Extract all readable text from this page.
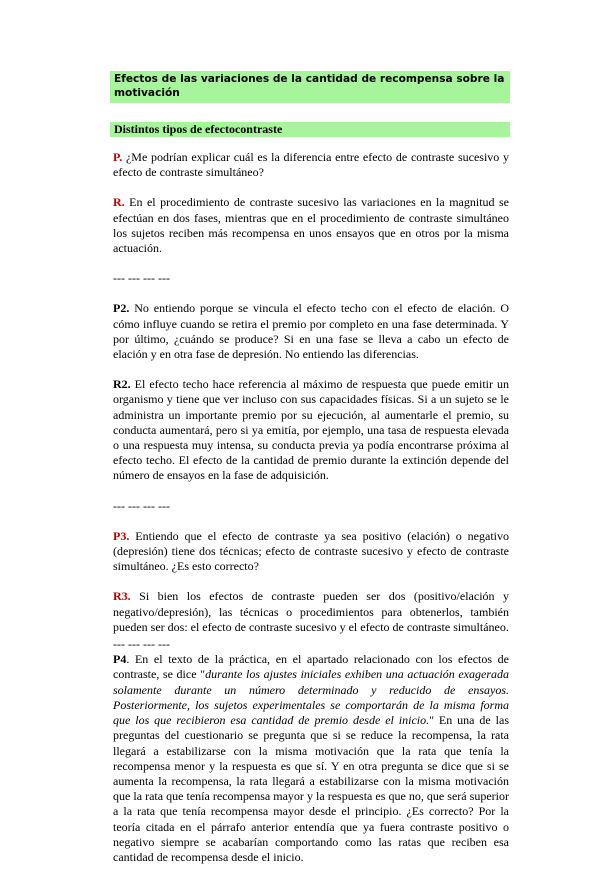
Efectos de las variaciones de la cantidad de recompensa sobre la motivación
Distintos tipos de efectocontraste

P. ¿Me podrían explicar cuál es la diferencia entre efecto de contraste sucesivo y efecto de contraste simultáneo?

R. En el procedimiento de contraste sucesivo las variaciones en la magnitud se efectúan en dos fases, mientras que en el procedimiento de contraste simultáneo los sujetos reciben más recompensa en unos ensayos que en otros por la misma actuación.

--- --- --- ---

P2. No entiendo porque se vincula el efecto techo con el efecto de elación. O cómo influye cuando se retira el premio por completo en una fase determinada. Y por último, ¿cuándo se produce? Si en una fase se lleva a cabo un efecto de elación y en otra fase de depresión. No entiendo las diferencias.

R2. El efecto techo hace referencia al máximo de respuesta que puede emitir un organismo y tiene que ver incluso con sus capacidades físicas. Si a un sujeto se le administra un importante premio por su ejecución, al aumentarle el premio, su conducta aumentará, pero si ya emitía, por ejemplo, una tasa de respuesta elevada o una respuesta muy intensa, su conducta previa ya podía encontrarse próxima al efecto techo. El efecto de la cantidad de premio durante la extinción depende del número de ensayos en la fase de adquisición.

--- --- --- ---

P3. Entiendo que el efecto de contraste ya sea positivo (elación) o negativo (depresión) tiene dos técnicas; efecto de contraste sucesivo y efecto de contraste simultáneo. ¿Es esto correcto?

R3. Si bien los efectos de contraste pueden ser dos (positivo/elación y negativo/depresión), las técnicas o procedimientos para obtenerlos, también pueden ser dos: el efecto de contraste sucesivo y el efecto de contraste simultáneo.

--- --- --- ---

P4. En el texto de la práctica, en el apartado relacionado con los efectos de contraste, se dice "durante los ajustes iniciales exhiben una actuación exagerada solamente durante un número determinado y reducido de ensayos. Posteriormente, los sujetos experimentales se comportarán de la misma forma que los que recibieron esa cantidad de premio desde el inicio." En una de las preguntas del cuestionario se pregunta que si se reduce la recompensa, la rata llegará a estabilizarse con la misma motivación que la rata que tenía la recompensa menor y la respuesta es que sí. Y en otra pregunta se dice que si se aumenta la recompensa, la rata llegará a estabilizarse con la misma motivación que la rata que tenía recompensa mayor y la respuesta es que no, que será superior a la rata que tenía recompensa mayor desde el principio. ¿Es correcto? Por la teoría citada en el párrafo anterior entendía que ya fuera contraste positivo o negativo siempre se acabarían comportando como las ratas que reciben esa cantidad de recompensa desde el inicio.
